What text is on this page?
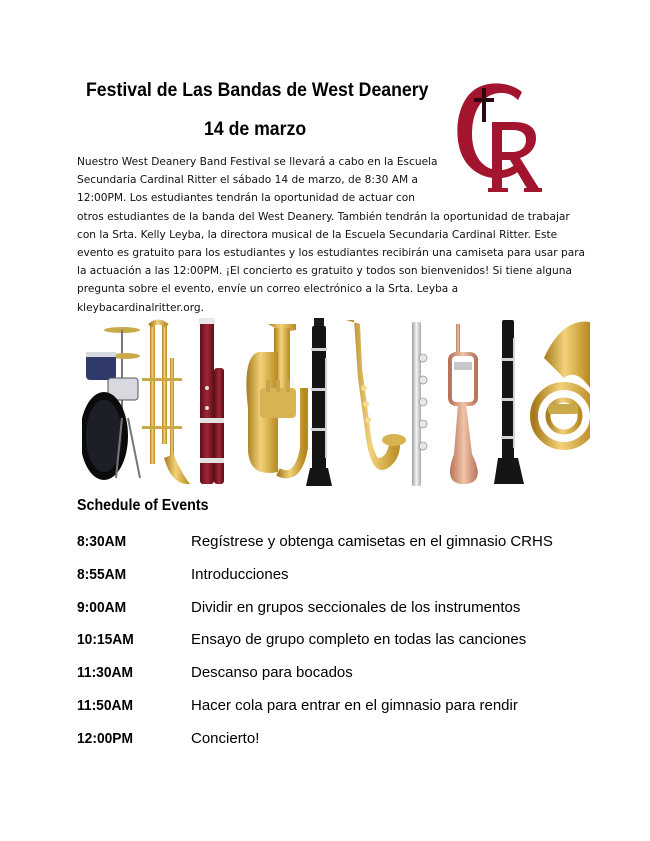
Festival de Las Bandas de West Deanery
14 de marzo

Nuestro West Deanery Band Festival se llevará a cabo en la Escuela
Secundaria Cardinal Ritter el sábado 14 de marzo, de 8:30 AM a
12:00PM. Los estudiantes tendrán la oportunidad de actuar con
otros estudiantes de la banda del West Deanery. También tendrán la oportunidad de trabajar
con la Srta. Kelly Leyba, la directora musical de la Escuela Secundaria Cardinal Ritter. Este
evento es gratuito para los estudiantes y los estudiantes recibirán una camiseta para usar para
la actuación a las 12:00PM. ¡El concierto es gratuito y todos son bienvenidos! Si tiene alguna
pregunta sobre el evento, envíe un correo electrónico a la Srta. Leyba a kleybacardinalritter.org.

Schedule of Events
8:30AM	Regístrese y obtenga camisetas en el gimnasio CRHS
8:55AM	Introducciones
9:00AM	Dividir en grupos seccionales de los instrumentos
10:15AM	Ensayo de grupo completo en todas las canciones
11:30AM	Descanso para bocados
11:50AM	Hacer cola para entrar en el gimnasio para rendir
12:00PM	Concierto!
